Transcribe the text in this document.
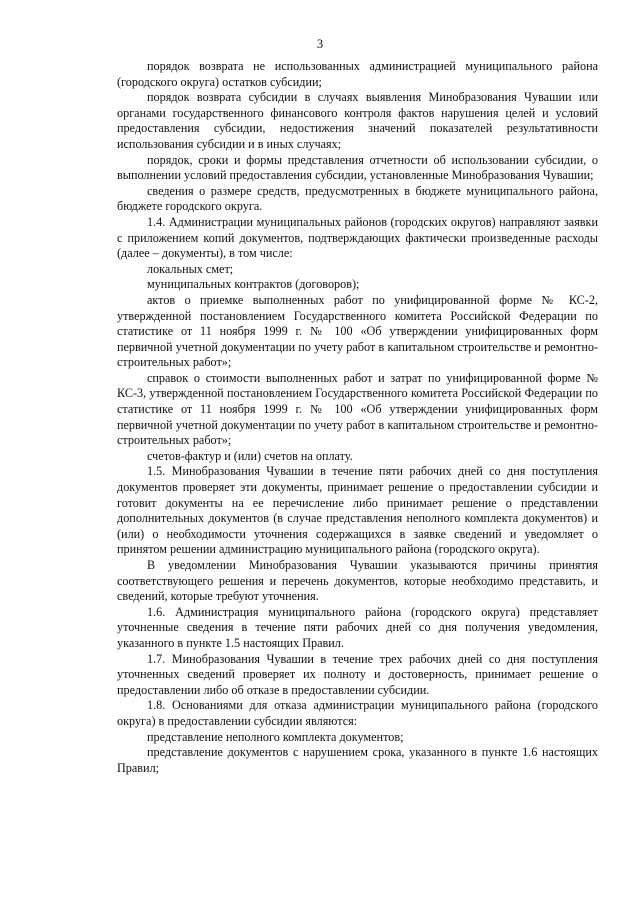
3

порядок возврата не использованных администрацией муниципального района (городского округа) остатков субсидии;

порядок возврата субсидии в случаях выявления Минобразования Чувашии или органами государственного финансового контроля фактов нарушения целей и условий предоставления субсидии, недостижения значений показателей результативности использования субсидии и в иных случаях;

порядок, сроки и формы представления отчетности об использовании субсидии, о выполнении условий предоставления субсидии, установленные Минобразования Чувашии;

сведения о размере средств, предусмотренных в бюджете муниципального района, бюджете городского округа.

1.4. Администрации муниципальных районов (городских округов) направляют заявки с приложением копий документов, подтверждающих фактически произведенные расходы (далее – документы), в том числе:

локальных смет;

муниципальных контрактов (договоров);

актов о приемке выполненных работ по унифицированной форме № КС-2, утвержденной постановлением Государственного комитета Российской Федерации по статистике от 11 ноября 1999 г. № 100 «Об утверждении унифицированных форм первичной учетной документации по учету работ в капитальном строительстве и ремонтно-строительных работ»;

справок о стоимости выполненных работ и затрат по унифицированной форме № КС-3, утвержденной постановлением Государственного комитета Российской Федерации по статистике от 11 ноября 1999 г. № 100 «Об утверждении унифицированных форм первичной учетной документации по учету работ в капитальном строительстве и ремонтно-строительных работ»;

счетов-фактур и (или) счетов на оплату.

1.5. Минобразования Чувашии в течение пяти рабочих дней со дня поступления документов проверяет эти документы, принимает решение о предоставлении субсидии и готовит документы на ее перечисление либо принимает решение о представлении дополнительных документов (в случае представления неполного комплекта документов) и (или) о необходимости уточнения содержащихся в заявке сведений и уведомляет о принятом решении администрацию муниципального района (городского округа).

В уведомлении Минобразования Чувашии указываются причины принятия соответствующего решения и перечень документов, которые необходимо представить, и сведений, которые требуют уточнения.

1.6. Администрация муниципального района (городского округа) представляет уточненные сведения в течение пяти рабочих дней со дня получения уведомления, указанного в пункте 1.5 настоящих Правил.

1.7. Минобразования Чувашии в течение трех рабочих дней со дня поступления уточненных сведений проверяет их полноту и достоверность, принимает решение о предоставлении либо об отказе в предоставлении субсидии.

1.8. Основаниями для отказа администрации муниципального района (городского округа) в предоставлении субсидии являются:

представление неполного комплекта документов;

представление документов с нарушением срока, указанного в пункте 1.6 настоящих Правил;
